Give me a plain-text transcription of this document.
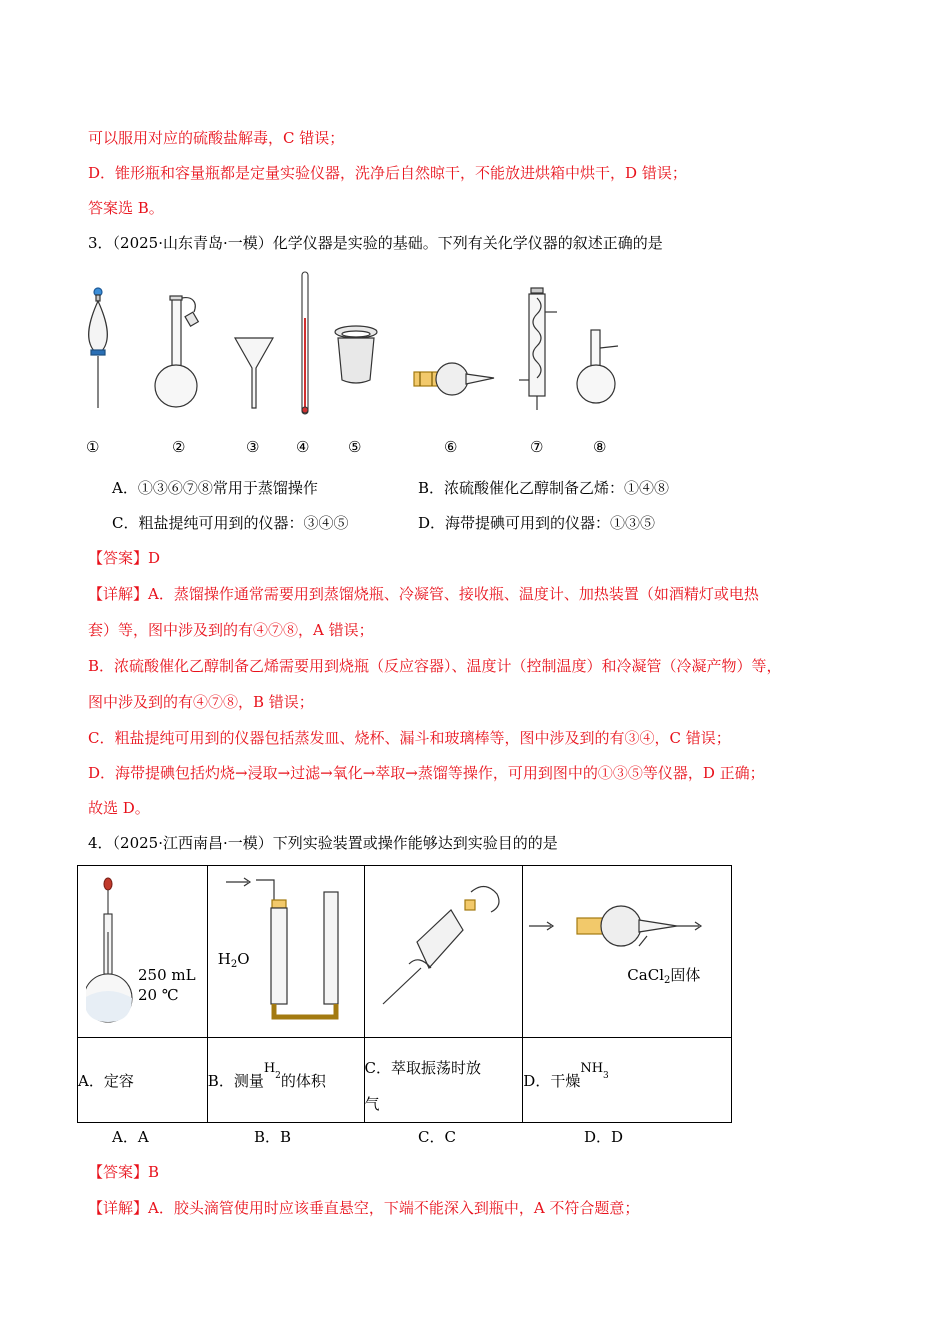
可以服用对应的硫酸盐解毒，C 错误；
D．锥形瓶和容量瓶都是定量实验仪器，洗净后自然晾干，不能放进烘箱中烘干，D 错误；
答案选 B。
3．（2025·山东青岛·一模）化学仪器是实验的基础。下列有关化学仪器的叙述正确的是
①	②	③ ④	⑤	⑥	⑦	⑧
A．①③⑥⑦⑧常用于蒸馏操作	B．浓硫酸催化乙醇制备乙烯：①④⑧
C．粗盐提纯可用到的仪器：③④⑤	D．海带提碘可用到的仪器：①③⑤
【答案】D
【详解】A．蒸馏操作通常需要用到蒸馏烧瓶、冷凝管、接收瓶、温度计、加热装置（如酒精灯或电热
套）等，图中涉及到的有④⑦⑧，A 错误；
B．浓硫酸催化乙醇制备乙烯需要用到烧瓶（反应容器）、温度计（控制温度）和冷凝管（冷凝产物）等，
图中涉及到的有④⑦⑧，B 错误；
C．粗盐提纯可用到的仪器包括蒸发皿、烧杯、漏斗和玻璃棒等，图中涉及到的有③④，C 错误；
D．海带提碘包括灼烧→浸取→过滤→氧化→萃取→蒸馏等操作，可用到图中的①③⑤等仪器，D 正确；
故选 D。
4．（2025·江西南昌·一模）下列实验装置或操作能够达到实验目的的是
250 mL
20 ℃	$H_2O$		CaCl$_2$固体

A．定容	B．测量$H^2$的体积	C．萃取振荡时放
气	D．干燥$NH^3$
A．A	B．B	C．C	D．D
【答案】B
【详解】A．胶头滴管使用时应该垂直悬空，下端不能深入到瓶中，A 不符合题意；
